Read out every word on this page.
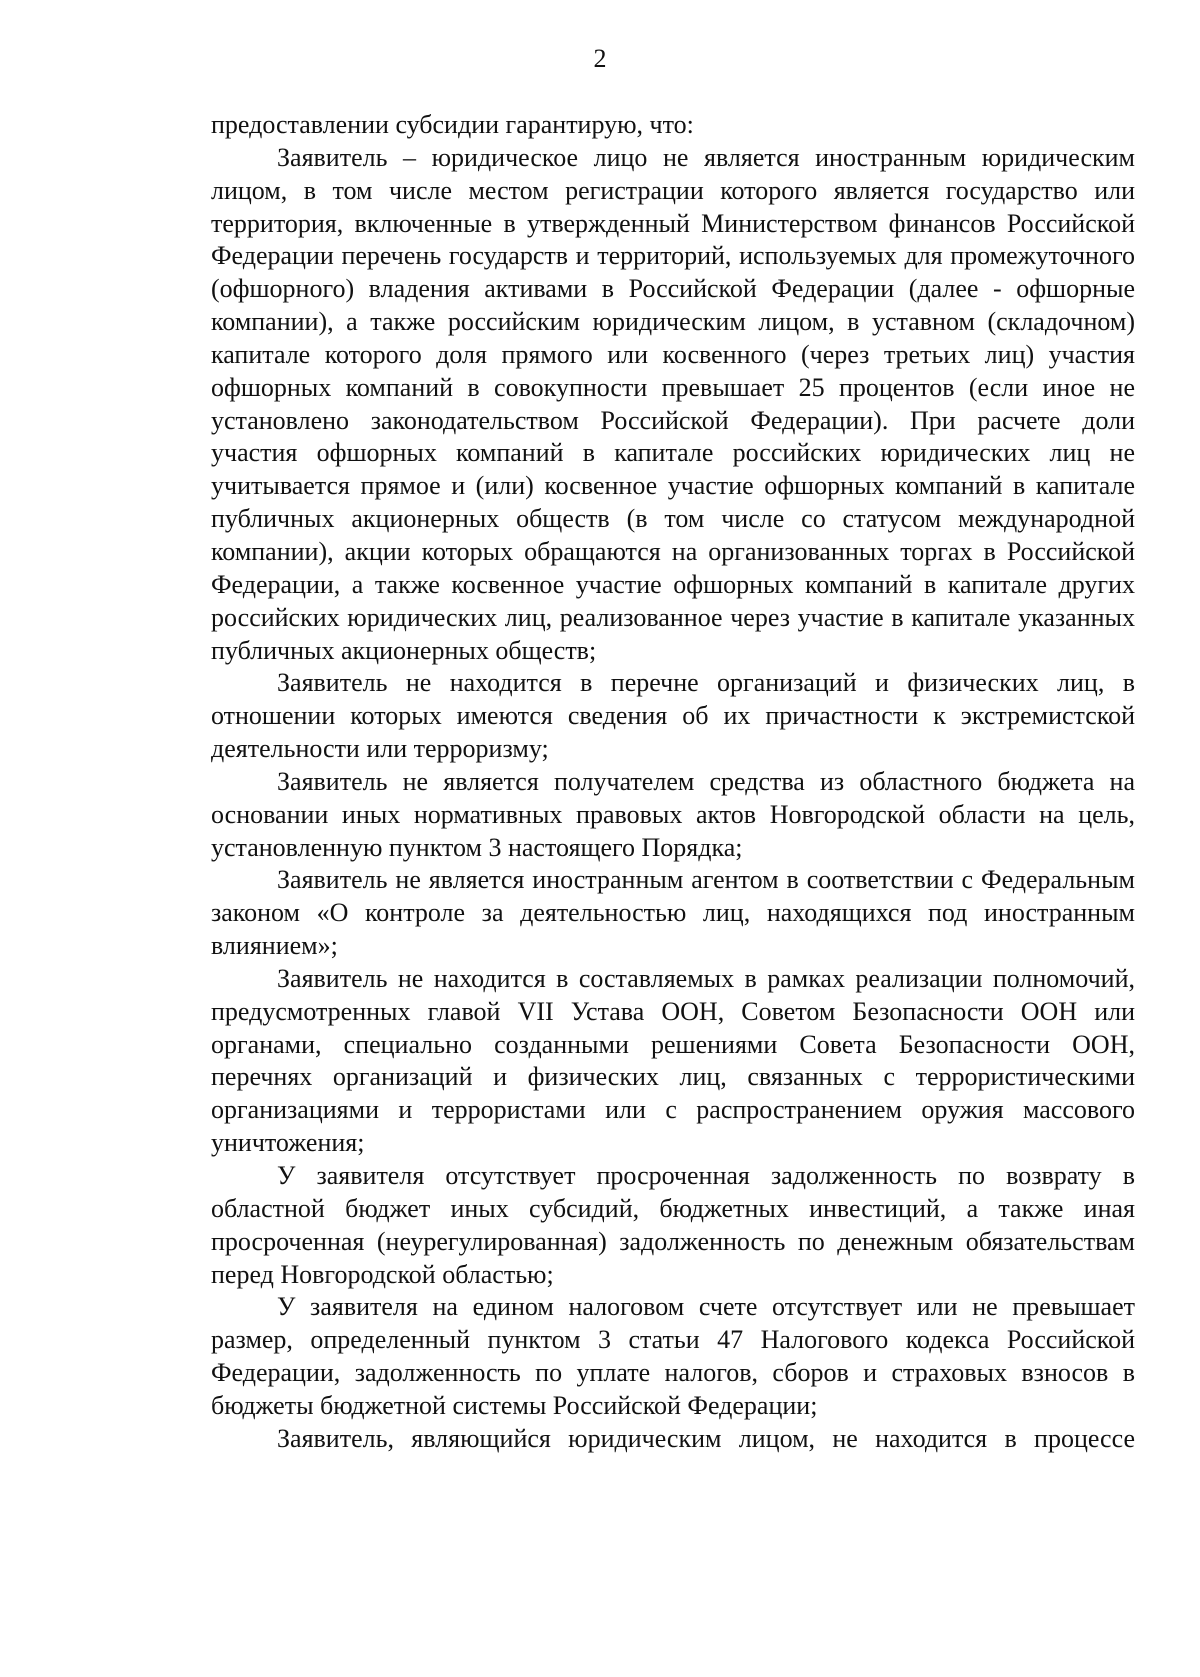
2

предоставлении субсидии гарантирую, что:

Заявитель – юридическое лицо не является иностранным юридическим лицом, в том числе местом регистрации которого является государство или территория, включенные в утвержденный Министерством финансов Российской Федерации перечень государств и территорий, используемых для промежуточного (офшорного) владения активами в Российской Федерации (далее - офшорные компании), а также российским юридическим лицом, в уставном (складочном) капитале которого доля прямого или косвенного (через третьих лиц) участия офшорных компаний в совокупности превышает 25 процентов (если иное не установлено законодательством Российской Федерации). При расчете доли участия офшорных компаний в капитале российских юридических лиц не учитывается прямое и (или) косвенное участие офшорных компаний в капитале публичных акционерных обществ (в том числе со статусом международной компании), акции которых обращаются на организованных торгах в Российской Федерации, а также косвенное участие офшорных компаний в капитале других российских юридических лиц, реализованное через участие в капитале указанных публичных акционерных обществ;

Заявитель не находится в перечне организаций и физических лиц, в отношении которых имеются сведения об их причастности к экстремистской деятельности или терроризму;

Заявитель не является получателем средства из областного бюджета на основании иных нормативных правовых актов Новгородской области на цель, установленную пунктом 3 настоящего Порядка;

Заявитель не является иностранным агентом в соответствии с Федеральным законом «О контроле за деятельностью лиц, находящихся под иностранным влиянием»;

Заявитель не находится в составляемых в рамках реализации полномочий, предусмотренных главой VII Устава ООН, Советом Безопасности ООН или органами, специально созданными решениями Совета Безопасности ООН, перечнях организаций и физических лиц, связанных с террористическими организациями и террористами или с распространением оружия массового уничтожения;

У заявителя отсутствует просроченная задолженность по возврату в областной бюджет иных субсидий, бюджетных инвестиций, а также иная просроченная (неурегулированная) задолженность по денежным обязательствам перед Новгородской областью;

У заявителя на едином налоговом счете отсутствует или не превышает размер, определенный пунктом 3 статьи 47 Налогового кодекса Российской Федерации, задолженность по уплате налогов, сборов и страховых взносов в бюджеты бюджетной системы Российской Федерации;

Заявитель, являющийся юридическим лицом, не находится в процессе
